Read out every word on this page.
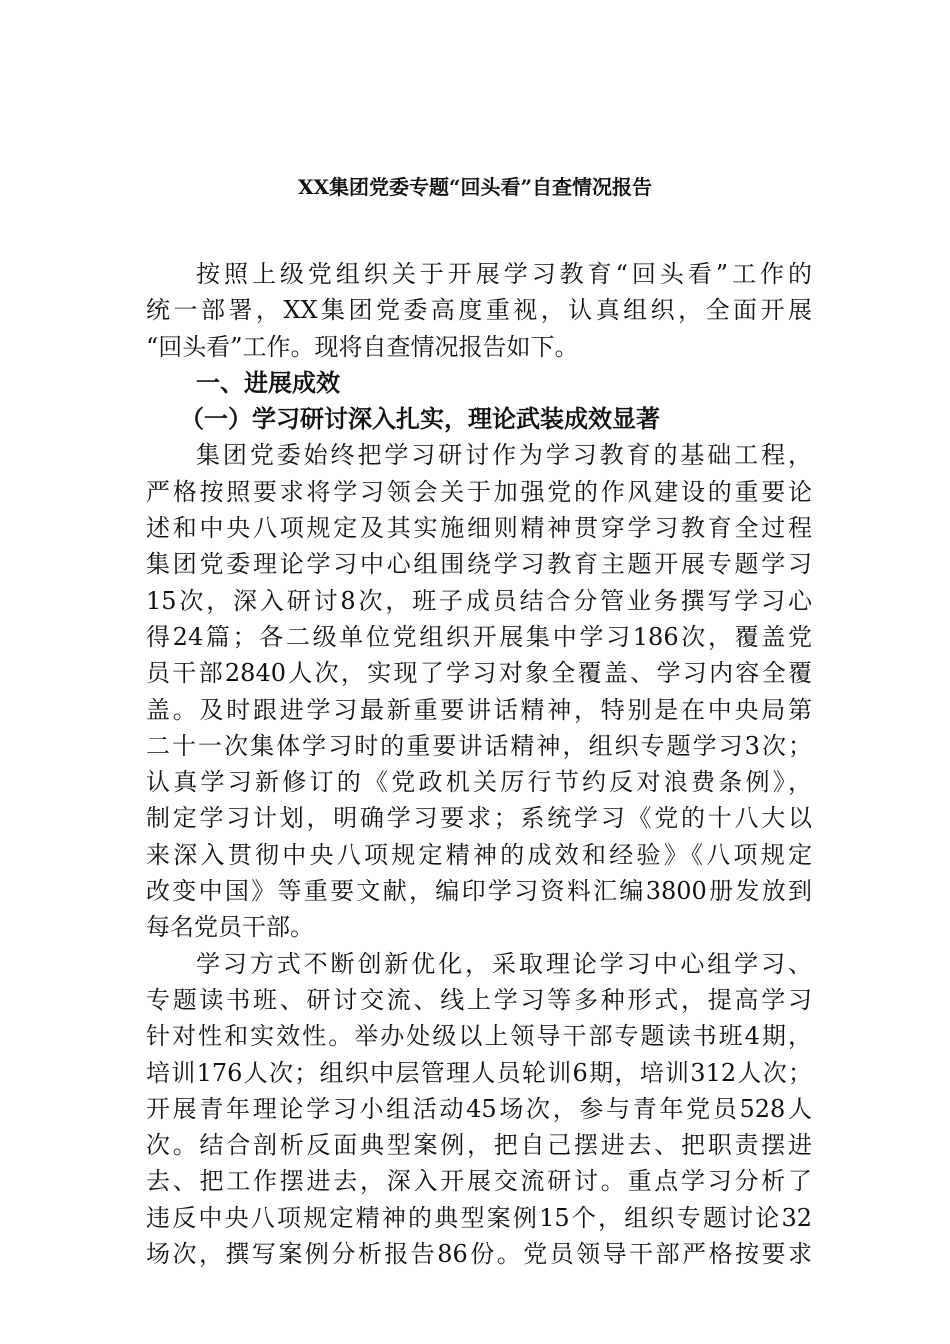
XX集团党委专题“回头看”自查情况报告
按照上级党组织关于开展学习教育“回头看”工作的
统一部署，XX集团党委高度重视，认真组织，全面开展
“回头看”工作。现将自查情况报告如下。
一、进展成效
（一）学习研讨深入扎实，理论武装成效显著
集团党委始终把学习研讨作为学习教育的基础工程，
严格按照要求将学习领会关于加强党的作风建设的重要论
述和中央八项规定及其实施细则精神贯穿学习教育全过程
集团党委理论学习中心组围绕学习教育主题开展专题学习
15次，深入研讨8次，班子成员结合分管业务撰写学习心
得24篇；各二级单位党组织开展集中学习186次，覆盖党
员干部2840人次，实现了学习对象全覆盖、学习内容全覆
盖。及时跟进学习最新重要讲话精神，特别是在中央局第
二十一次集体学习时的重要讲话精神，组织专题学习3次；
认真学习新修订的《党政机关厉行节约反对浪费条例》，
制定学习计划，明确学习要求；系统学习《党的十八大以
来深入贯彻中央八项规定精神的成效和经验》《八项规定
改变中国》等重要文献，编印学习资料汇编3800册发放到
每名党员干部。
学习方式不断创新优化，采取理论学习中心组学习、
专题读书班、研讨交流、线上学习等多种形式，提高学习
针对性和实效性。举办处级以上领导干部专题读书班4期，
培训176人次；组织中层管理人员轮训6期，培训312人次；
开展青年理论学习小组活动45场次，参与青年党员528人
次。结合剖析反面典型案例，把自己摆进去、把职责摆进
去、把工作摆进去，深入开展交流研讨。重点学习分析了
违反中央八项规定精神的典型案例15个，组织专题讨论32
场次，撰写案例分析报告86份。党员领导干部严格按要求
